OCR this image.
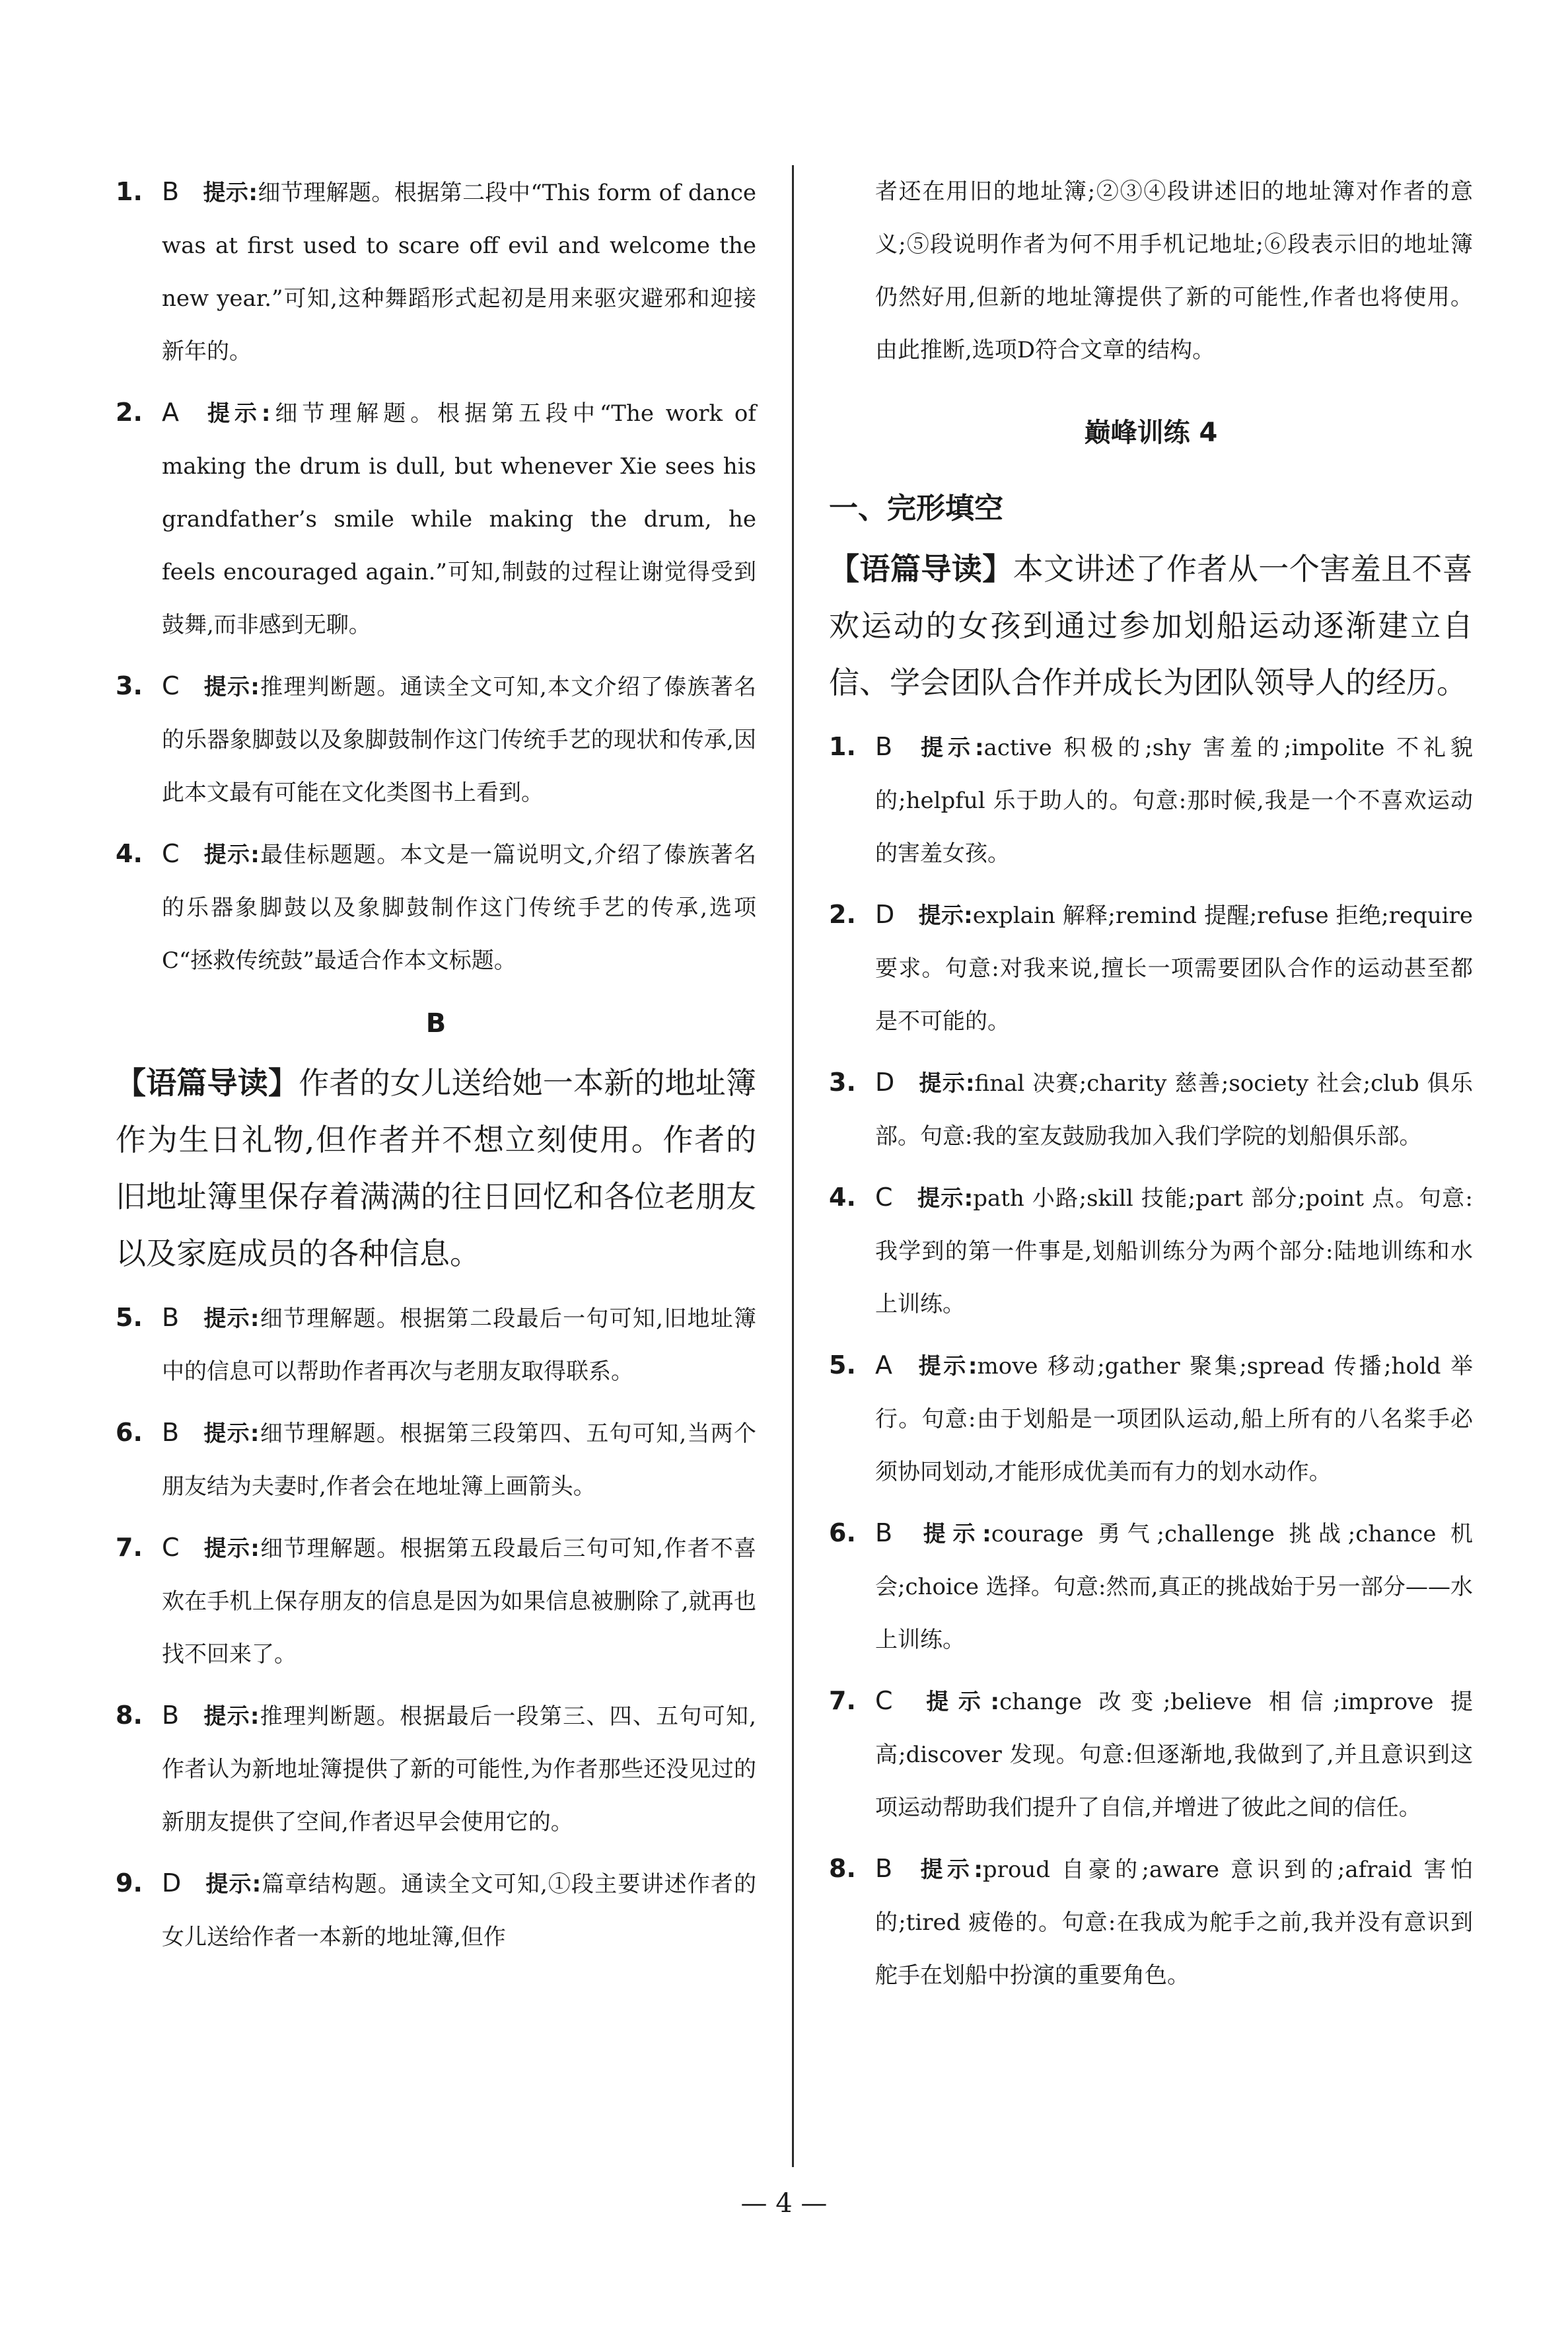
1. B 提示:细节理解题。根据第二段中“This form of dance was at first used to scare off evil and welcome the new year.”可知,这种舞蹈形式起初是用来驱灾避邪和迎接新年的。
2. A 提示:细节理解题。根据第五段中“The work of making the drum is dull, but whenever Xie sees his grandfather’s smile while making the drum, he feels encouraged again.”可知,制鼓的过程让谢觉得受到鼓舞,而非感到无聊。
3. C 提示:推理判断题。通读全文可知,本文介绍了傣族著名的乐器象脚鼓以及象脚鼓制作这门传统手艺的现状和传承,因此本文最有可能在文化类图书上看到。
4. C 提示:最佳标题题。本文是一篇说明文,介绍了傣族著名的乐器象脚鼓以及象脚鼓制作这门传统手艺的传承,选项C“拯救传统鼓”最适合作本文标题。
B
【语篇导读】作者的女儿送给她一本新的地址簿作为生日礼物,但作者并不想立刻使用。作者的旧地址簿里保存着满满的往日回忆和各位老朋友以及家庭成员的各种信息。
5. B 提示:细节理解题。根据第二段最后一句可知,旧地址簿中的信息可以帮助作者再次与老朋友取得联系。
6. B 提示:细节理解题。根据第三段第四、五句可知,当两个朋友结为夫妻时,作者会在地址簿上画箭头。
7. C 提示:细节理解题。根据第五段最后三句可知,作者不喜欢在手机上保存朋友的信息是因为如果信息被删除了,就再也找不回来了。
8. B 提示:推理判断题。根据最后一段第三、四、五句可知,作者认为新地址簿提供了新的可能性,为作者那些还没见过的新朋友提供了空间,作者迟早会使用它的。
9. D 提示:篇章结构题。通读全文可知,①段主要讲述作者的女儿送给作者一本新的地址簿,但作
者还在用旧的地址簿;②③④段讲述旧的地址簿对作者的意义;⑤段说明作者为何不用手机记地址;⑥段表示旧的地址簿仍然好用,但新的地址簿提供了新的可能性,作者也将使用。由此推断,选项D符合文章的结构。
巅峰训练 4
一、完形填空
【语篇导读】本文讲述了作者从一个害羞且不喜欢运动的女孩到通过参加划船运动逐渐建立自信、学会团队合作并成长为团队领导人的经历。
1. B 提示:active 积极的;shy 害羞的;impolite 不礼貌的;helpful 乐于助人的。句意:那时候,我是一个不喜欢运动的害羞女孩。
2. D 提示:explain 解释;remind 提醒;refuse 拒绝;require 要求。句意:对我来说,擅长一项需要团队合作的运动甚至都是不可能的。
3. D 提示:final 决赛;charity 慈善;society 社会;club 俱乐部。句意:我的室友鼓励我加入我们学院的划船俱乐部。
4. C 提示:path 小路;skill 技能;part 部分;point 点。句意:我学到的第一件事是,划船训练分为两个部分:陆地训练和水上训练。
5. A 提示:move 移动;gather 聚集;spread 传播;hold 举行。句意:由于划船是一项团队运动,船上所有的八名桨手必须协同划动,才能形成优美而有力的划水动作。
6. B 提示:courage 勇气;challenge 挑战;chance 机会;choice 选择。句意:然而,真正的挑战始于另一部分——水上训练。
7. C 提示:change 改变;believe 相信;improve 提高;discover 发现。句意:但逐渐地,我做到了,并且意识到这项运动帮助我们提升了自信,并增进了彼此之间的信任。
8. B 提示:proud 自豪的;aware 意识到的;afraid 害怕的;tired 疲倦的。句意:在我成为舵手之前,我并没有意识到舵手在划船中扮演的重要角色。
— 4 —
